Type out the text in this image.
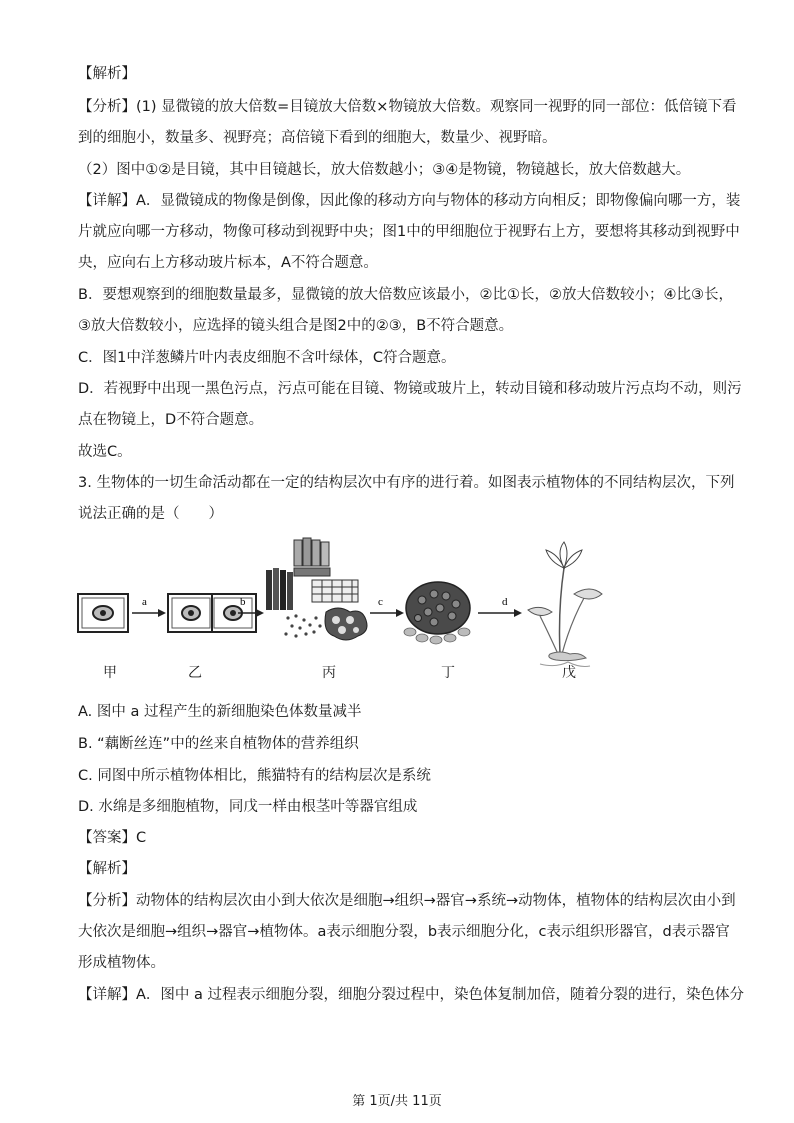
【解析】
【分析】(1) 显微镜的放大倍数=目镜放大倍数×物镜放大倍数。观察同一视野的同一部位：低倍镜下看
到的细胞小，数量多、视野亮；高倍镜下看到的细胞大，数量少、视野暗。
（2）图中①②是目镜，其中目镜越长，放大倍数越小；③④是物镜，物镜越长，放大倍数越大。
【详解】A．显微镜成的物像是倒像，因此像的移动方向与物体的移动方向相反；即物像偏向哪一方，装
片就应向哪一方移动，物像可移动到视野中央；图1中的甲细胞位于视野右上方，要想将其移动到视野中
央，应向右上方移动玻片标本，A不符合题意。
B．要想观察到的细胞数量最多，显微镜的放大倍数应该最小，②比①长，②放大倍数较小；④比③长，
③放大倍数较小，应选择的镜头组合是图2中的②③，B不符合题意。
C．图1中洋葱鳞片叶内表皮细胞不含叶绿体，C符合题意。
D．若视野中出现一黑色污点，污点可能在目镜、物镜或玻片上，转动目镜和移动玻片污点均不动，则污
点在物镜上，D不符合题意。
故选C。
3. 生物体的一切生命活动都在一定的结构层次中有序的进行着。如图表示植物体的不同结构层次，下列
说法正确的是（　　）
a	b	c	d
甲	乙	丙	丁	戊
A. 图中 a 过程产生的新细胞染色体数量减半
B. “藕断丝连”中的丝来自植物体的营养组织
C. 同图中所示植物体相比，熊猫特有的结构层次是系统
D. 水绵是多细胞植物，同戊一样由根茎叶等器官组成
【答案】C
【解析】
【分析】动物体的结构层次由小到大依次是细胞→组织→器官→系统→动物体，植物体的结构层次由小到
大依次是细胞→组织→器官→植物体。a表示细胞分裂，b表示细胞分化，c表示组织形器官，d表示器官
形成植物体。
【详解】A．图中 a 过程表示细胞分裂，细胞分裂过程中，染色体复制加倍，随着分裂的进行，染色体分
第 1页/共 11页
